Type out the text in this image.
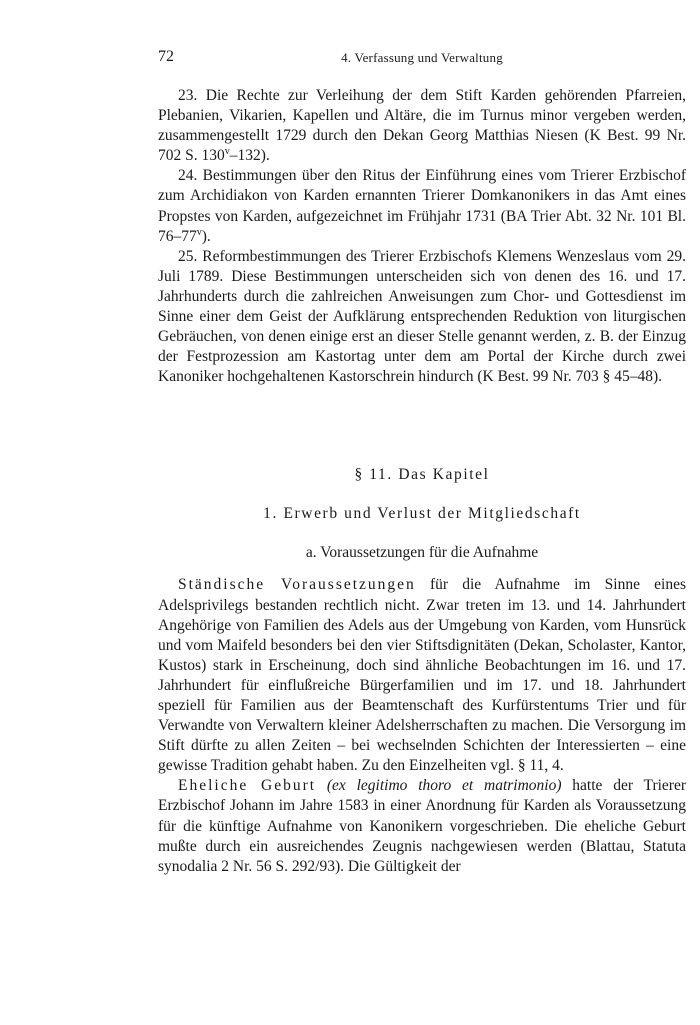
72	4. Verfassung und Verwaltung

23. Die Rechte zur Verleihung der dem Stift Karden gehörenden Pfarreien, Plebanien, Vikarien, Kapellen und Altäre, die im Turnus minor vergeben werden, zusammengestellt 1729 durch den Dekan Georg Matthias Niesen (K Best. 99 Nr. 702 S. 130$^v$–132).

24. Bestimmungen über den Ritus der Einführung eines vom Trierer Erzbischof zum Archidiakon von Karden ernannten Trierer Domkanonikers in das Amt eines Propstes von Karden, aufgezeichnet im Frühjahr 1731 (BA Trier Abt. 32 Nr. 101 Bl. 76–77$^v$).

25. Reformbestimmungen des Trierer Erzbischofs Klemens Wenzeslaus vom 29. Juli 1789. Diese Bestimmungen unterscheiden sich von denen des 16. und 17. Jahrhunderts durch die zahlreichen Anweisungen zum Chor- und Gottesdienst im Sinne einer dem Geist der Aufklärung entsprechenden Reduktion von liturgischen Gebräuchen, von denen einige erst an dieser Stelle genannt werden, z. B. der Einzug der Festprozession am Kastortag unter dem am Portal der Kirche durch zwei Kanoniker hochgehaltenen Kastorschrein hindurch (K Best. 99 Nr. 703 § 45–48).

§ 11. Das Kapitel
1. Erwerb und Verlust der Mitgliedschaft
a. Voraussetzungen für die Aufnahme

Ständische Voraussetzungen für die Aufnahme im Sinne eines Adelsprivilegs bestanden rechtlich nicht. Zwar treten im 13. und 14. Jahrhundert Angehörige von Familien des Adels aus der Umgebung von Karden, vom Hunsrück und vom Maifeld besonders bei den vier Stiftsdignitäten (Dekan, Scholaster, Kantor, Kustos) stark in Erscheinung, doch sind ähnliche Beobachtungen im 16. und 17. Jahrhundert für einflußreiche Bürgerfamilien und im 17. und 18. Jahrhundert speziell für Familien aus der Beamtenschaft des Kurfürstentums Trier und für Verwandte von Verwaltern kleiner Adelsherrschaften zu machen. Die Versorgung im Stift dürfte zu allen Zeiten – bei wechselnden Schichten der Interessierten – eine gewisse Tradition gehabt haben. Zu den Einzelheiten vgl. § 11, 4.

Eheliche Geburt (ex legitimo thoro et matrimonio) hatte der Trierer Erzbischof Johann im Jahre 1583 in einer Anordnung für Karden als Voraussetzung für die künftige Aufnahme von Kanonikern vorgeschrieben. Die eheliche Geburt mußte durch ein ausreichendes Zeugnis nachgewiesen werden (Blattau, Statuta synodalia 2 Nr. 56 S. 292/93). Die Gültigkeit der
